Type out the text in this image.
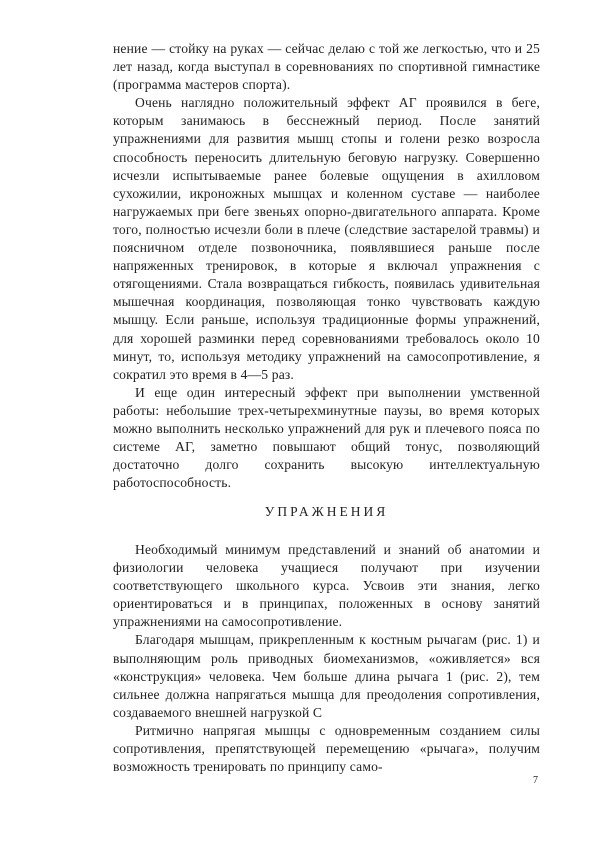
нение — стойку на руках — сейчас делаю с той же легкостью, что и 25 лет назад, когда выступал в соревнованиях по спортивной гимнастике (программа мастеров спорта).

Очень наглядно положительный эффект АГ проявился в беге, которым занимаюсь в бесснежный период. После занятий упражнениями для развития мышц стопы и голени резко возросла способность переносить длительную беговую нагрузку. Совершенно исчезли испытываемые ранее болевые ощущения в ахилловом сухожилии, икроножных мышцах и коленном суставе — наиболее нагружаемых при беге звеньях опорно-двигательного аппарата. Кроме того, полностью исчезли боли в плече (следствие застарелой травмы) и поясничном отделе позвоночника, появлявшиеся раньше после напряженных тренировок, в которые я включал упражнения с отягощениями. Стала возвращаться гибкость, появилась удивительная мышечная координация, позволяющая тонко чувствовать каждую мышцу. Если раньше, используя традиционные формы упражнений, для хорошей разминки перед соревнованиями требовалось около 10 минут, то, используя методику упражнений на самосопротивление, я сократил это время в 4—5 раз.

И еще один интересный эффект при выполнении умственной работы: небольшие трех-четырехминутные паузы, во время которых можно выполнить несколько упражнений для рук и плечевого пояса по системе АГ, заметно повышают общий тонус, позволяющий достаточно долго сохранить высокую интеллектуальную работоспособность.

УПРАЖНЕНИЯ

Необходимый минимум представлений и знаний об анатомии и физиологии человека учащиеся получают при изучении соответствующего школьного курса. Усвоив эти знания, легко ориентироваться и в принципах, положенных в основу занятий упражнениями на самосопротивление.

Благодаря мышцам, прикрепленным к костным рычагам (рис. 1) и выполняющим роль приводных биомеханизмов, «оживляется» вся «конструкция» человека. Чем больше длина рычага 1 (рис. 2), тем сильнее должна напрягаться мышца для преодоления сопротивления, создаваемого внешней нагрузкой С

Ритмично напрягая мышцы с одновременным созданием силы сопротивления, препятствующей перемещению «рычага», получим возможность тренировать по принципу само-

7
